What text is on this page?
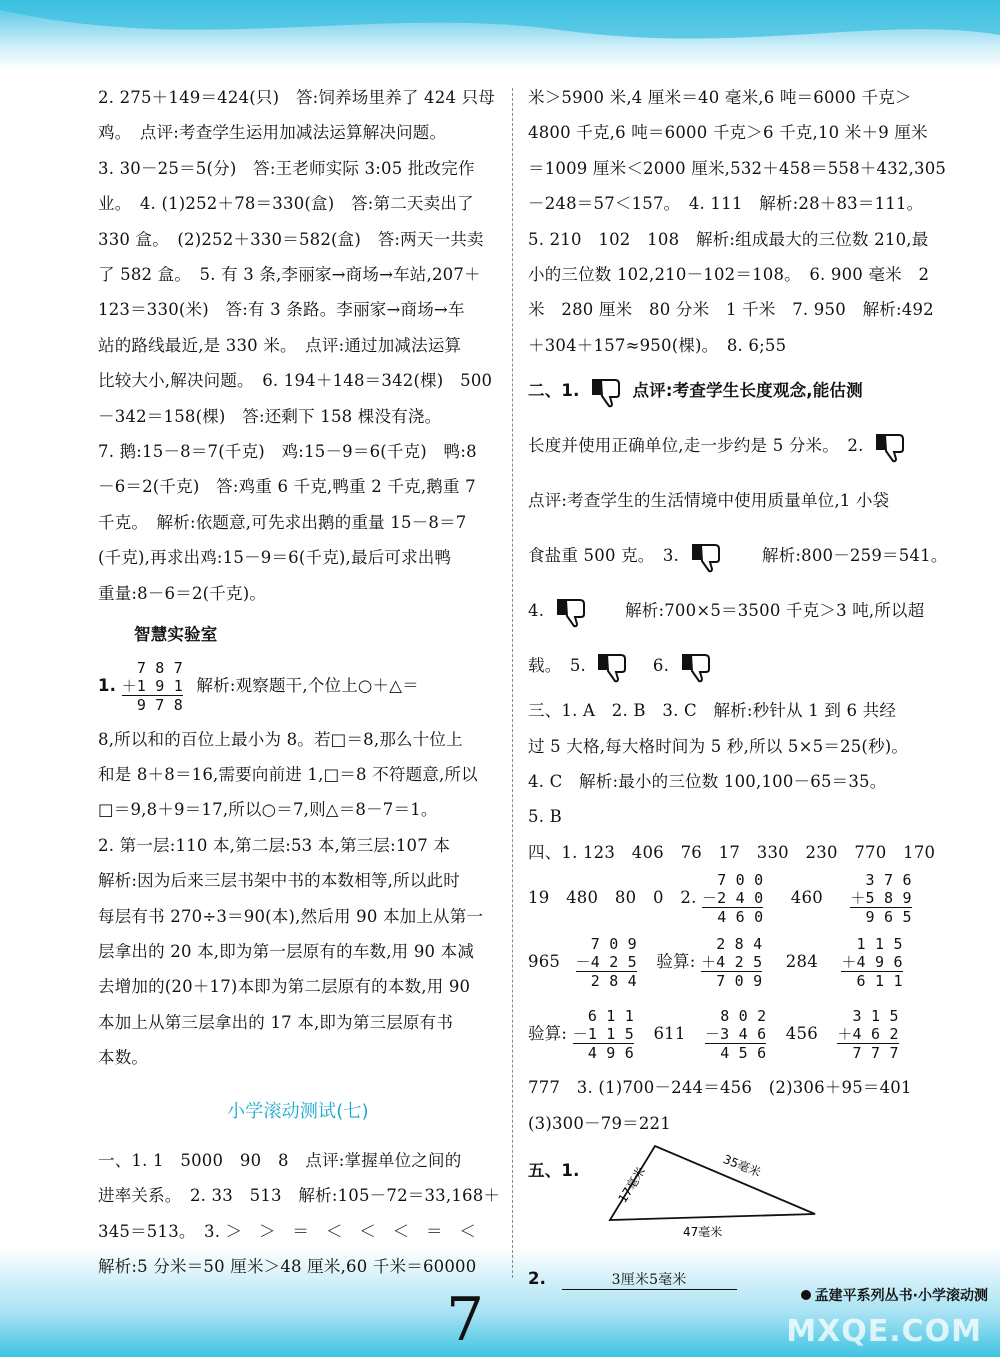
2. 275＋149＝424(只)　答:饲养场里养了 424 只母

鸡。　点评:考查学生运用加减法运算解决问题。

3. 30－25＝5(分)　答:王老师实际 3:05 批改完作

业。　4. (1)252＋78＝330(盒)　答:第二天卖出了

330 盒。　(2)252＋330＝582(盒)　答:两天一共卖

了 582 盒。　5. 有 3 条,李丽家→商场→车站,207＋

123＝330(米)　答:有 3 条路。李丽家→商场→车

站的路线最近,是 330 米。　点评:通过加减法运算

比较大小,解决问题。　6. 194＋148＝342(棵)　500

－342＝158(棵)　答:还剩下 158 棵没有浇。

7. 鹅:15－8＝7(千克)　鸡:15－9＝6(千克)　鸭:8

－6＝2(千克)　答:鸡重 6 千克,鸭重 2 千克,鹅重 7

千克。　解析:依题意,可先求出鹅的重量 15－8＝7

(千克),再求出鸡:15－9＝6(千克),最后可求出鸭

重量:8－6＝2(千克)。

智慧实验室

1.
7 8 7
＋1 9 1
9 7 8
解析:观察题干,个位上○＋△＝

8,所以和的百位上最小为 8。若□＝8,那么十位上

和是 8＋8＝16,需要向前进 1,□＝8 不符题意,所以

□＝9,8＋9＝17,所以○＝7,则△＝8－7＝1。

2. 第一层:110 本,第二层:53 本,第三层:107 本

解析:因为后来三层书架中书的本数相等,所以此时

每层有书 270÷3＝90(本),然后用 90 本加上从第一

层拿出的 20 本,即为第一层原有的车数,用 90 本减

去增加的(20＋17)本即为第二层原有的本数,用 90

本加上从第三层拿出的 17 本,即为第三层原有书

本数。

小学滚动测试(七)

一、1. 1　5000　90　8　点评:掌握单位之间的

进率关系。　2. 33　513　解析:105－72＝33,168＋

345＝513。　3. ＞　＞　＝　＜　＜　＜　＝　＜

解析:5 分米＝50 厘米＞48 厘米,60 千米＝60000

米＞5900 米,4 厘米＝40 毫米,6 吨＝6000 千克＞

4800 千克,6 吨＝6000 千克＞6 千克,10 米＋9 厘米

＝1009 厘米＜2000 厘米,532＋458＝558＋432,305

－248＝57＜157。　4. 111　解析:28＋83＝111。

5. 210　102　108　解析:组成最大的三位数 210,最

小的三位数 102,210－102＝108。　6. 900 毫米　2

米　280 厘米　80 分米　1 千米　7. 950　解析:492

＋304＋157≈950(棵)。　8. 6;55

二、1.	点评:考查学生长度观念,能估测

长度并使用正确单位,走一步约是 5 分米。　2.

点评:考查学生的生活情境中使用质量单位,1 小袋

食盐重 500 克。　3.	解析:800－259＝541。

4.	解析:700×5＝3500 千克＞3 吨,所以超

载。　5.	6.

三、1. A　2. B　3. C　解析:秒针从 1 到 6 共经

过 5 大格,每大格时间为 5 秒,所以 5×5＝25(秒)。

4. C　解析:最小的三位数 100,100－65＝35。

5. B

四、1. 123　406　76　17　330　230　770　170

19　480　80　0　2.
7 0 0
－2 4 0
4 6 0
460
3 7 6
＋5 8 9
9 6 5

965
7 0 9
－4 2 5
2 8 4
验算:
2 8 4
＋4 2 5
7 0 9
284
1 1 5
＋4 9 6
6 1 1

验算:
6 1 1
－1 1 5
4 9 6
611
8 0 2
－3 4 6
4 5 6
456
3 1 5
＋4 6 2
7 7 7

777　3. (1)700－244＝456　(2)306＋95＝401

(3)300－79＝221

五、1.

2.	3厘米5毫米

17毫米	35毫米
47毫米
7	孟建平系列丛书·小学滚动测
MXQE.COM
